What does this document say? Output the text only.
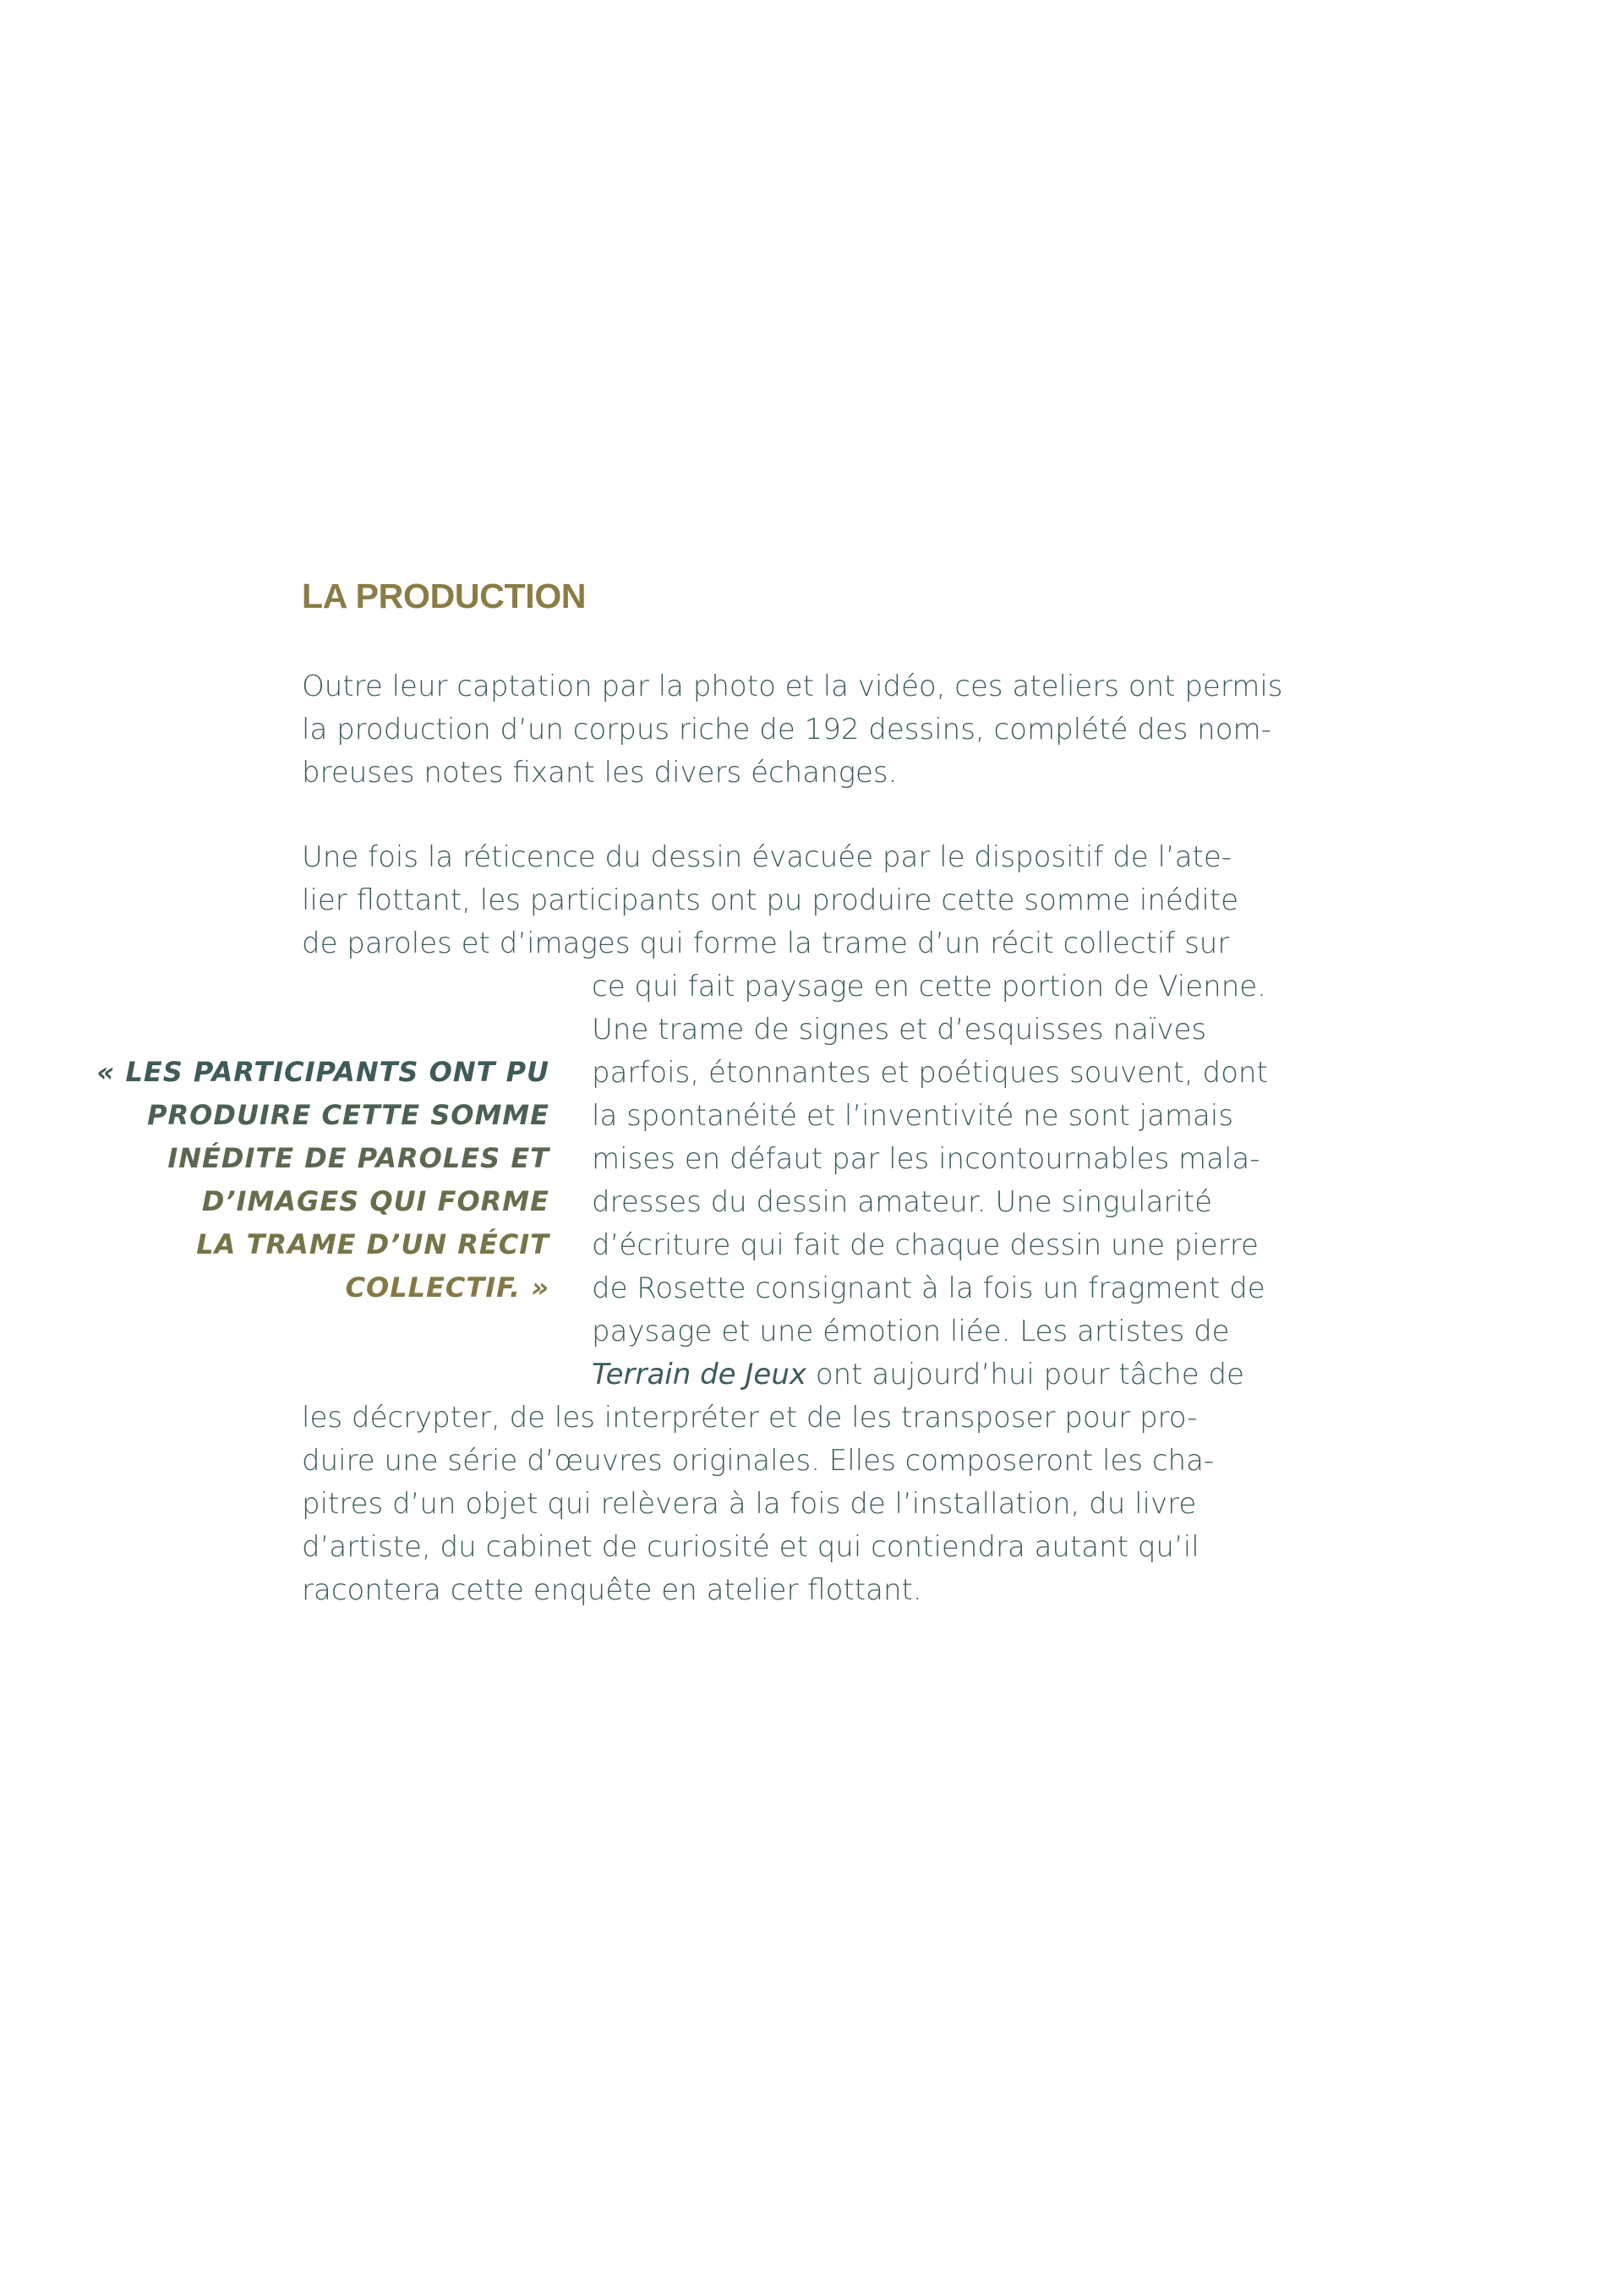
LA PRODUCTION

Outre leur captation par la photo et la vidéo, ces ateliers ont permis

la production d’un corpus riche de 192 dessins, complété des nom-

breuses notes fixant les divers échanges.

Une fois la réticence du dessin évacuée par le dispositif de l’ate-

lier flottant, les participants ont pu produire cette somme inédite

de paroles et d’images qui forme la trame d’un récit collectif sur

ce qui fait paysage en cette portion de Vienne.

Une trame de signes et d’esquisses naïves

parfois, étonnantes et poétiques souvent, dont

la spontanéité et l’inventivité ne sont jamais

mises en défaut par les incontournables mala-

dresses du dessin amateur. Une singularité

d’écriture qui fait de chaque dessin une pierre

de Rosette consignant à la fois un fragment de

paysage et une émotion liée. Les artistes de

Terrain de Jeux ont aujourd’hui pour tâche de

les décrypter, de les interpréter et de les transposer pour pro-

duire une série d’œuvres originales. Elles composeront les cha-

pitres d’un objet qui relèvera à la fois de l’installation, du livre

d’artiste, du cabinet de curiosité et qui contiendra autant qu’il

racontera cette enquête en atelier flottant.

« LES PARTICIPANTS ONT PU

PRODUIRE CETTE SOMME

INÉDITE DE PAROLES ET

D’IMAGES QUI FORME

LA TRAME D’UN RÉCIT

COLLECTIF. »
